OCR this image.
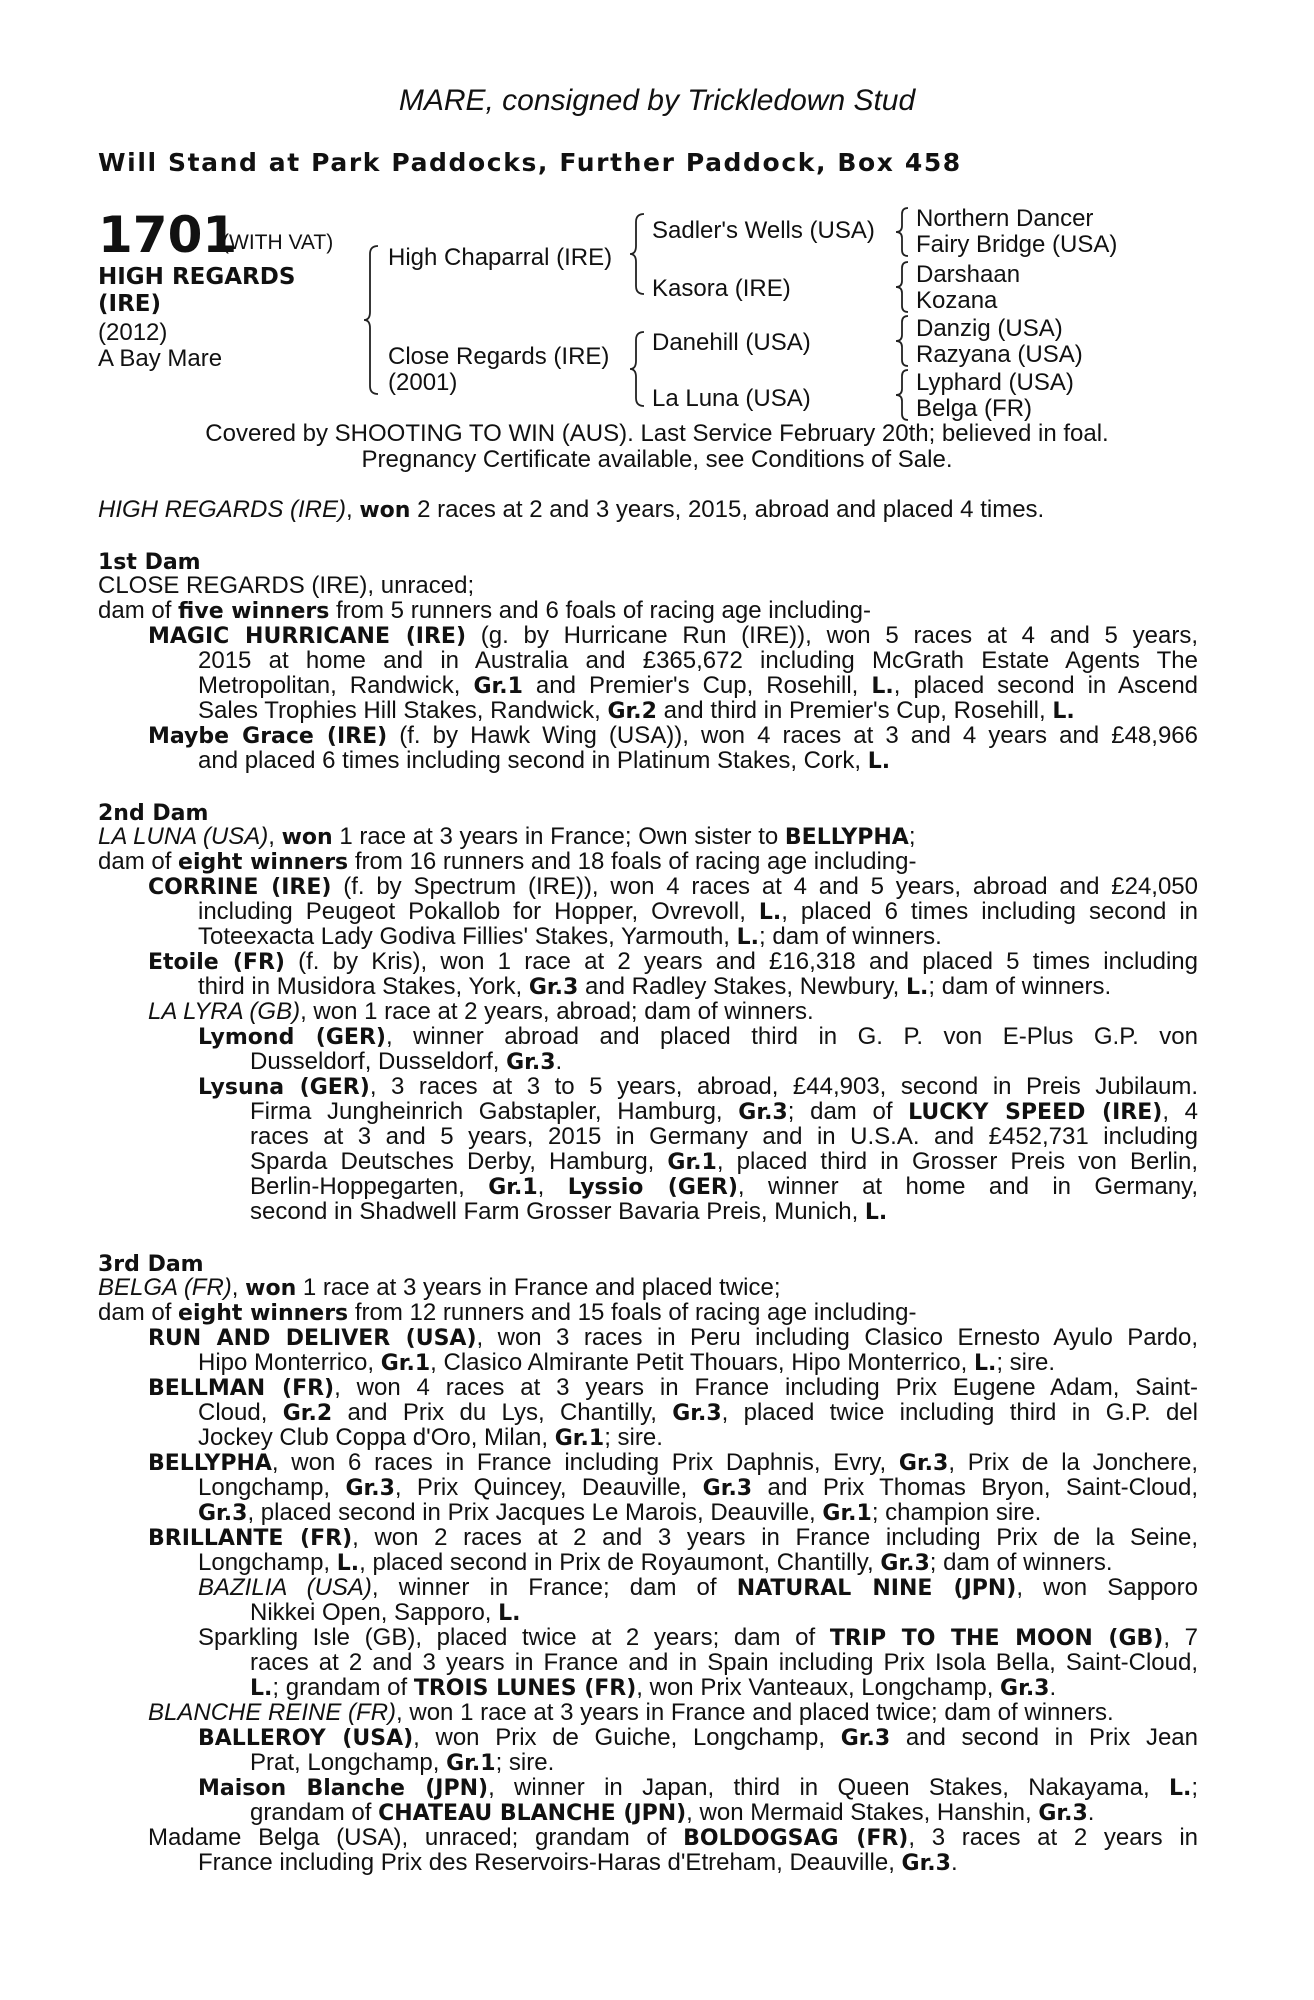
MARE, consigned by Trickledown Stud
Will Stand at Park Paddocks, Further Paddock, Box 458
1701
(WITH VAT)
HIGH REGARDS
(IRE)
(2012)
A Bay Mare
High Chaparral (IRE)
Close Regards (IRE)
(2001)
Sadler's Wells (USA)
Kasora (IRE)
Danehill (USA)
La Luna (USA)
Northern Dancer
Fairy Bridge (USA)
Darshaan
Kozana
Danzig (USA)
Razyana (USA)
Lyphard (USA)
Belga (FR)
Covered by SHOOTING TO WIN (AUS). Last Service February 20th; believed in foal.
Pregnancy Certificate available, see Conditions of Sale.
HIGH REGARDS (IRE), won 2 races at 2 and 3 years, 2015, abroad and placed 4 times.
1st Dam
CLOSE REGARDS (IRE), unraced;
dam of five winners from 5 runners and 6 foals of racing age including-
MAGIC HURRICANE (IRE) (g. by Hurricane Run (IRE)), won 5 races at 4 and 5 years,
2015 at home and in Australia and £365,672 including McGrath Estate Agents The
Metropolitan, Randwick, Gr.1 and Premier's Cup, Rosehill, L., placed second in Ascend
Sales Trophies Hill Stakes, Randwick, Gr.2 and third in Premier's Cup, Rosehill, L.
Maybe Grace (IRE) (f. by Hawk Wing (USA)), won 4 races at 3 and 4 years and £48,966
and placed 6 times including second in Platinum Stakes, Cork, L.
2nd Dam
LA LUNA (USA), won 1 race at 3 years in France; Own sister to BELLYPHA;
dam of eight winners from 16 runners and 18 foals of racing age including-
CORRINE (IRE) (f. by Spectrum (IRE)), won 4 races at 4 and 5 years, abroad and £24,050
including Peugeot Pokallob for Hopper, Ovrevoll, L., placed 6 times including second in
Toteexacta Lady Godiva Fillies' Stakes, Yarmouth, L.; dam of winners.
Etoile (FR) (f. by Kris), won 1 race at 2 years and £16,318 and placed 5 times including
third in Musidora Stakes, York, Gr.3 and Radley Stakes, Newbury, L.; dam of winners.
LA LYRA (GB), won 1 race at 2 years, abroad; dam of winners.
Lymond (GER), winner abroad and placed third in G. P. von E-Plus G.P. von
Dusseldorf, Dusseldorf, Gr.3.
Lysuna (GER), 3 races at 3 to 5 years, abroad, £44,903, second in Preis Jubilaum.
Firma Jungheinrich Gabstapler, Hamburg, Gr.3; dam of LUCKY SPEED (IRE), 4
races at 3 and 5 years, 2015 in Germany and in U.S.A. and £452,731 including
Sparda Deutsches Derby, Hamburg, Gr.1, placed third in Grosser Preis von Berlin,
Berlin-Hoppegarten, Gr.1, Lyssio (GER), winner at home and in Germany,
second in Shadwell Farm Grosser Bavaria Preis, Munich, L.
3rd Dam
BELGA (FR), won 1 race at 3 years in France and placed twice;
dam of eight winners from 12 runners and 15 foals of racing age including-
RUN AND DELIVER (USA), won 3 races in Peru including Clasico Ernesto Ayulo Pardo,
Hipo Monterrico, Gr.1, Clasico Almirante Petit Thouars, Hipo Monterrico, L.; sire.
BELLMAN (FR), won 4 races at 3 years in France including Prix Eugene Adam, Saint-
Cloud, Gr.2 and Prix du Lys, Chantilly, Gr.3, placed twice including third in G.P. del
Jockey Club Coppa d'Oro, Milan, Gr.1; sire.
BELLYPHA, won 6 races in France including Prix Daphnis, Evry, Gr.3, Prix de la Jonchere,
Longchamp, Gr.3, Prix Quincey, Deauville, Gr.3 and Prix Thomas Bryon, Saint-Cloud,
Gr.3, placed second in Prix Jacques Le Marois, Deauville, Gr.1; champion sire.
BRILLANTE (FR), won 2 races at 2 and 3 years in France including Prix de la Seine,
Longchamp, L., placed second in Prix de Royaumont, Chantilly, Gr.3; dam of winners.
BAZILIA (USA), winner in France; dam of NATURAL NINE (JPN), won Sapporo
Nikkei Open, Sapporo, L.
Sparkling Isle (GB), placed twice at 2 years; dam of TRIP TO THE MOON (GB), 7
races at 2 and 3 years in France and in Spain including Prix Isola Bella, Saint-Cloud,
L.; grandam of TROIS LUNES (FR), won Prix Vanteaux, Longchamp, Gr.3.
BLANCHE REINE (FR), won 1 race at 3 years in France and placed twice; dam of winners.
BALLEROY (USA), won Prix de Guiche, Longchamp, Gr.3 and second in Prix Jean
Prat, Longchamp, Gr.1; sire.
Maison Blanche (JPN), winner in Japan, third in Queen Stakes, Nakayama, L.;
grandam of CHATEAU BLANCHE (JPN), won Mermaid Stakes, Hanshin, Gr.3.
Madame Belga (USA), unraced; grandam of BOLDOGSAG (FR), 3 races at 2 years in
France including Prix des Reservoirs-Haras d'Etreham, Deauville, Gr.3.
